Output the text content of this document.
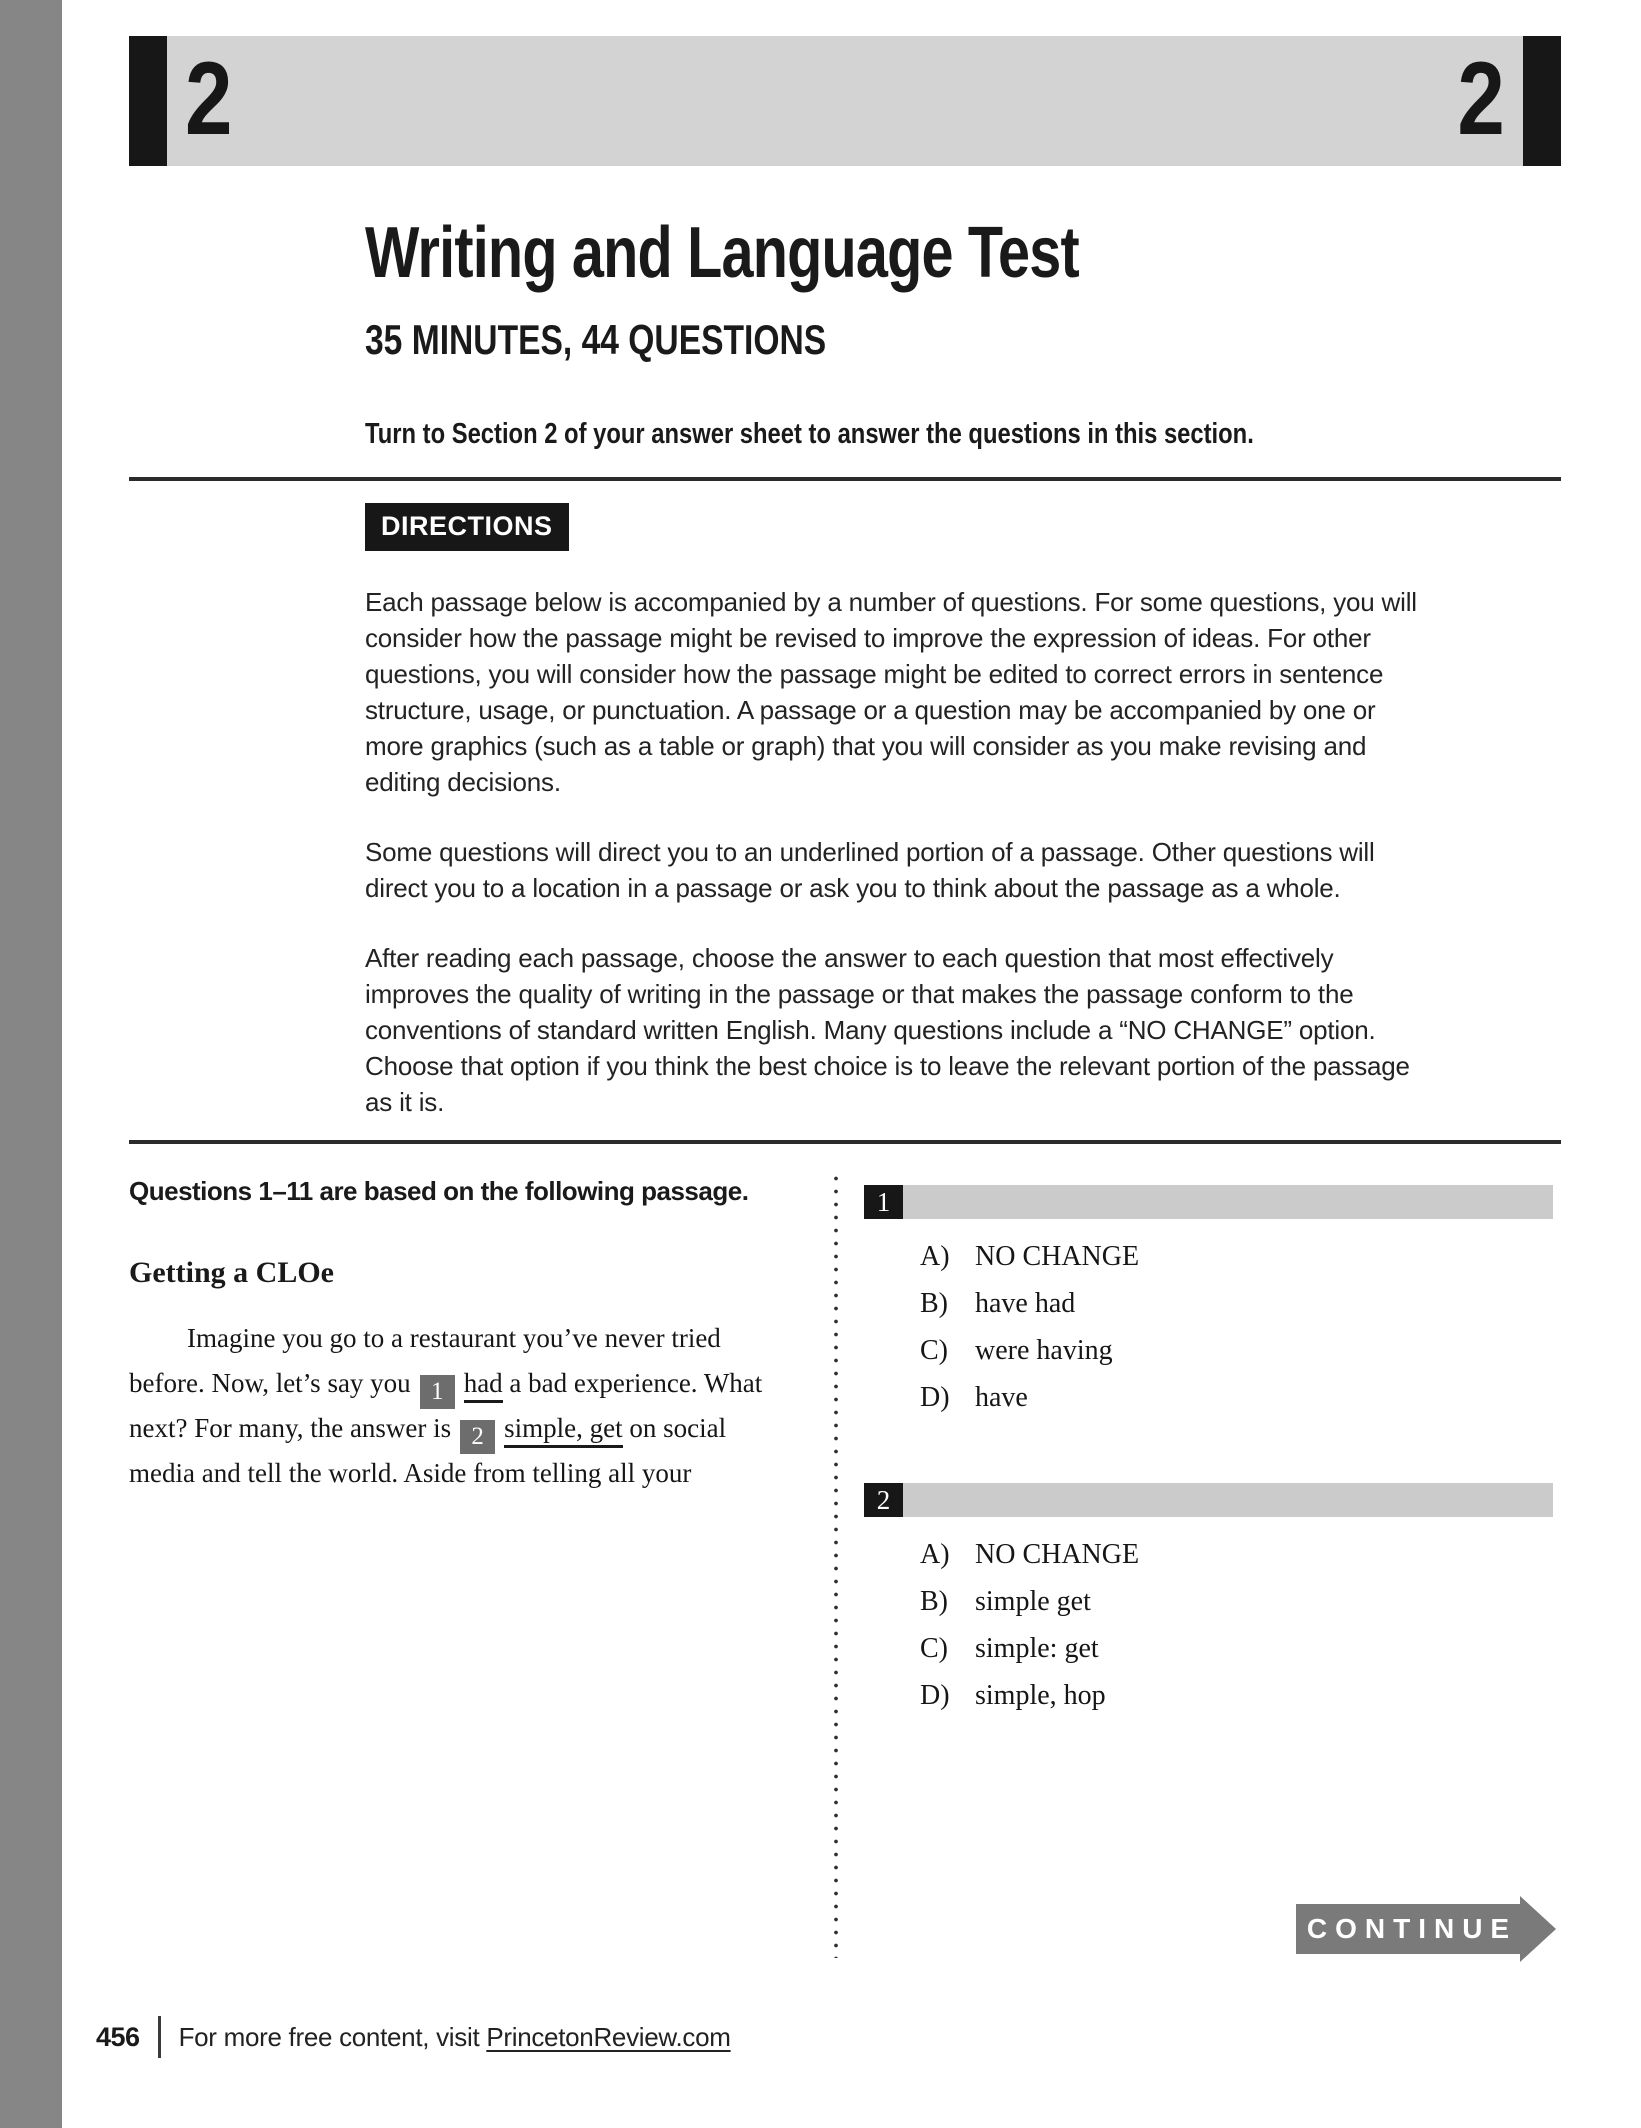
2	2
Writing and Language Test
35 MINUTES, 44 QUESTIONS
Turn to Section 2 of your answer sheet to answer the questions in this section.
DIRECTIONS

Each passage below is accompanied by a number of questions. For some questions, you will consider how the passage might be revised to improve the expression of ideas. For other questions, you will consider how the passage might be edited to correct errors in sentence structure, usage, or punctuation. A passage or a question may be accompanied by one or more graphics (such as a table or graph) that you will consider as you make revising and editing decisions.

Some questions will direct you to an underlined portion of a passage. Other questions will direct you to a location in a passage or ask you to think about the passage as a whole.

After reading each passage, choose the answer to each question that most effectively improves the quality of writing in the passage or that makes the passage conform to the conventions of standard written English. Many questions include a “NO CHANGE” option. Choose that option if you think the best choice is to leave the relevant portion of the passage as it is.

Questions 1–11 are based on the following passage.
Getting a CLOe
Imagine you go to a restaurant you’ve never tried
before. Now, let’s say you 1 had a bad experience. What
next? For many, the answer is 2 simple, get on social
media and tell the world. Aside from telling all your
1
A) NO CHANGE
B) have had
C) were having
D) have
2
A) NO CHANGE
B) simple get
C) simple: get
D) simple, hop
CONTINUE
456 For more free content, visit PrincetonReview.com
